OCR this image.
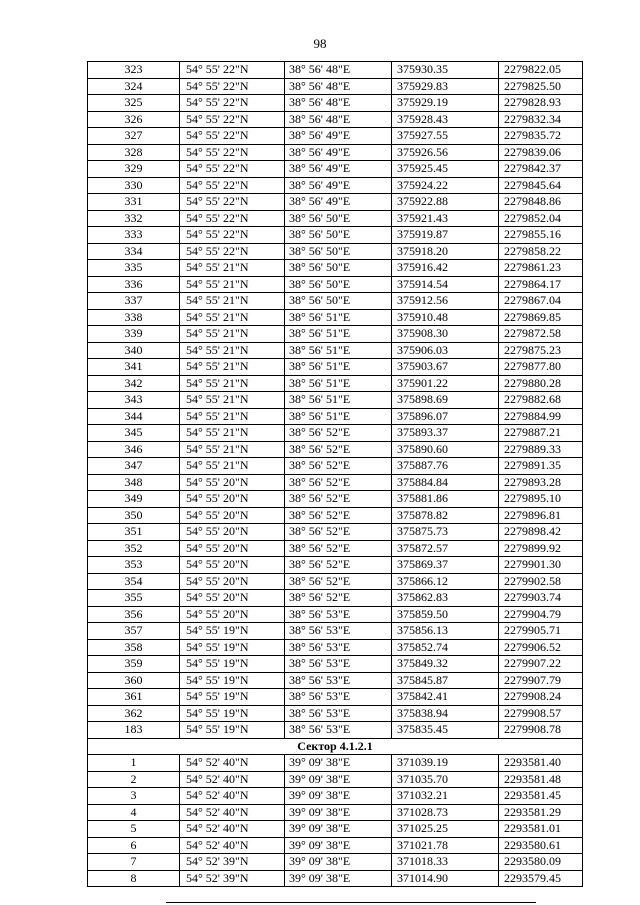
98
323	54° 55' 22"N	38° 56' 48"E	375930.35	2279822.05
324	54° 55' 22"N	38° 56' 48"E	375929.83	2279825.50
325	54° 55' 22"N	38° 56' 48"E	375929.19	2279828.93
326	54° 55' 22"N	38° 56' 48"E	375928.43	2279832.34
327	54° 55' 22"N	38° 56' 49"E	375927.55	2279835.72
328	54° 55' 22"N	38° 56' 49"E	375926.56	2279839.06
329	54° 55' 22"N	38° 56' 49"E	375925.45	2279842.37
330	54° 55' 22"N	38° 56' 49"E	375924.22	2279845.64
331	54° 55' 22"N	38° 56' 49"E	375922.88	2279848.86
332	54° 55' 22"N	38° 56' 50"E	375921.43	2279852.04
333	54° 55' 22"N	38° 56' 50"E	375919.87	2279855.16
334	54° 55' 22"N	38° 56' 50"E	375918.20	2279858.22
335	54° 55' 21"N	38° 56' 50"E	375916.42	2279861.23
336	54° 55' 21"N	38° 56' 50"E	375914.54	2279864.17
337	54° 55' 21"N	38° 56' 50"E	375912.56	2279867.04
338	54° 55' 21"N	38° 56' 51"E	375910.48	2279869.85
339	54° 55' 21"N	38° 56' 51"E	375908.30	2279872.58
340	54° 55' 21"N	38° 56' 51"E	375906.03	2279875.23
341	54° 55' 21"N	38° 56' 51"E	375903.67	2279877.80
342	54° 55' 21"N	38° 56' 51"E	375901.22	2279880.28
343	54° 55' 21"N	38° 56' 51"E	375898.69	2279882.68
344	54° 55' 21"N	38° 56' 51"E	375896.07	2279884.99
345	54° 55' 21"N	38° 56' 52"E	375893.37	2279887.21
346	54° 55' 21"N	38° 56' 52"E	375890.60	2279889.33
347	54° 55' 21"N	38° 56' 52"E	375887.76	2279891.35
348	54° 55' 20"N	38° 56' 52"E	375884.84	2279893.28
349	54° 55' 20"N	38° 56' 52"E	375881.86	2279895.10
350	54° 55' 20"N	38° 56' 52"E	375878.82	2279896.81
351	54° 55' 20"N	38° 56' 52"E	375875.73	2279898.42
352	54° 55' 20"N	38° 56' 52"E	375872.57	2279899.92
353	54° 55' 20"N	38° 56' 52"E	375869.37	2279901.30
354	54° 55' 20"N	38° 56' 52"E	375866.12	2279902.58
355	54° 55' 20"N	38° 56' 52"E	375862.83	2279903.74
356	54° 55' 20"N	38° 56' 53"E	375859.50	2279904.79
357	54° 55' 19"N	38° 56' 53"E	375856.13	2279905.71
358	54° 55' 19"N	38° 56' 53"E	375852.74	2279906.52
359	54° 55' 19"N	38° 56' 53"E	375849.32	2279907.22
360	54° 55' 19"N	38° 56' 53"E	375845.87	2279907.79
361	54° 55' 19"N	38° 56' 53"E	375842.41	2279908.24
362	54° 55' 19"N	38° 56' 53"E	375838.94	2279908.57
183	54° 55' 19"N	38° 56' 53"E	375835.45	2279908.78
Сектор 4.1.2.1				
1	54° 52' 40"N	39° 09' 38"E	371039.19	2293581.40
2	54° 52' 40"N	39° 09' 38"E	371035.70	2293581.48
3	54° 52' 40"N	39° 09' 38"E	371032.21	2293581.45
4	54° 52' 40"N	39° 09' 38"E	371028.73	2293581.29
5	54° 52' 40"N	39° 09' 38"E	371025.25	2293581.01
6	54° 52' 40"N	39° 09' 38"E	371021.78	2293580.61
7	54° 52' 39"N	39° 09' 38"E	371018.33	2293580.09
8	54° 52' 39"N	39° 09' 38"E	371014.90	2293579.45
